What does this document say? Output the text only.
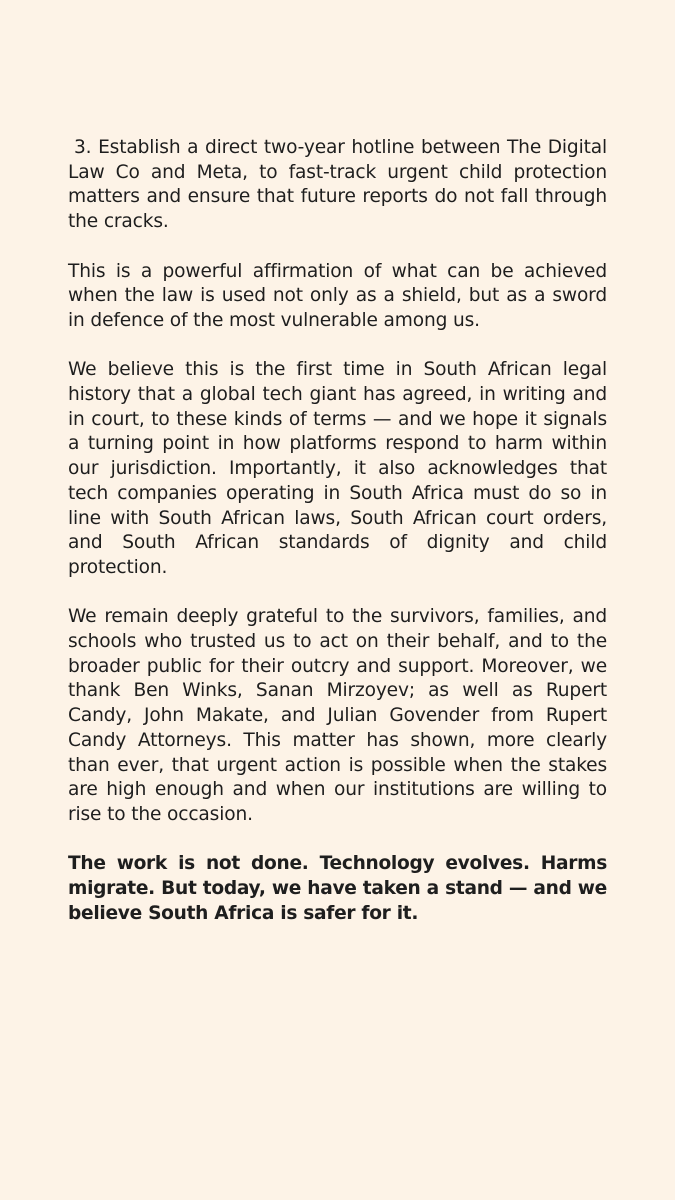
3. Establish a direct two-year hotline between The Digital Law Co and Meta, to fast-track urgent child protection matters and ensure that future reports do not fall through the cracks.

This is a powerful affirmation of what can be achieved when the law is used not only as a shield, but as a sword in defence of the most vulnerable among us.

We believe this is the first time in South African legal history that a global tech giant has agreed, in writing and in court, to these kinds of terms — and we hope it signals a turning point in how platforms respond to harm within our jurisdiction. Importantly, it also acknowledges that tech companies operating in South Africa must do so in line with South African laws, South African court orders, and South African standards of dignity and child protection.

We remain deeply grateful to the survivors, families, and schools who trusted us to act on their behalf, and to the broader public for their outcry and support. Moreover, we thank Ben Winks, Sanan Mirzoyev; as well as Rupert Candy, John Makate, and Julian Govender from Rupert Candy Attorneys. This matter has shown, more clearly than ever, that urgent action is possible when the stakes are high enough and when our institutions are willing to rise to the occasion.

The work is not done. Technology evolves. Harms migrate. But today, we have taken a stand — and we believe South Africa is safer for it.
